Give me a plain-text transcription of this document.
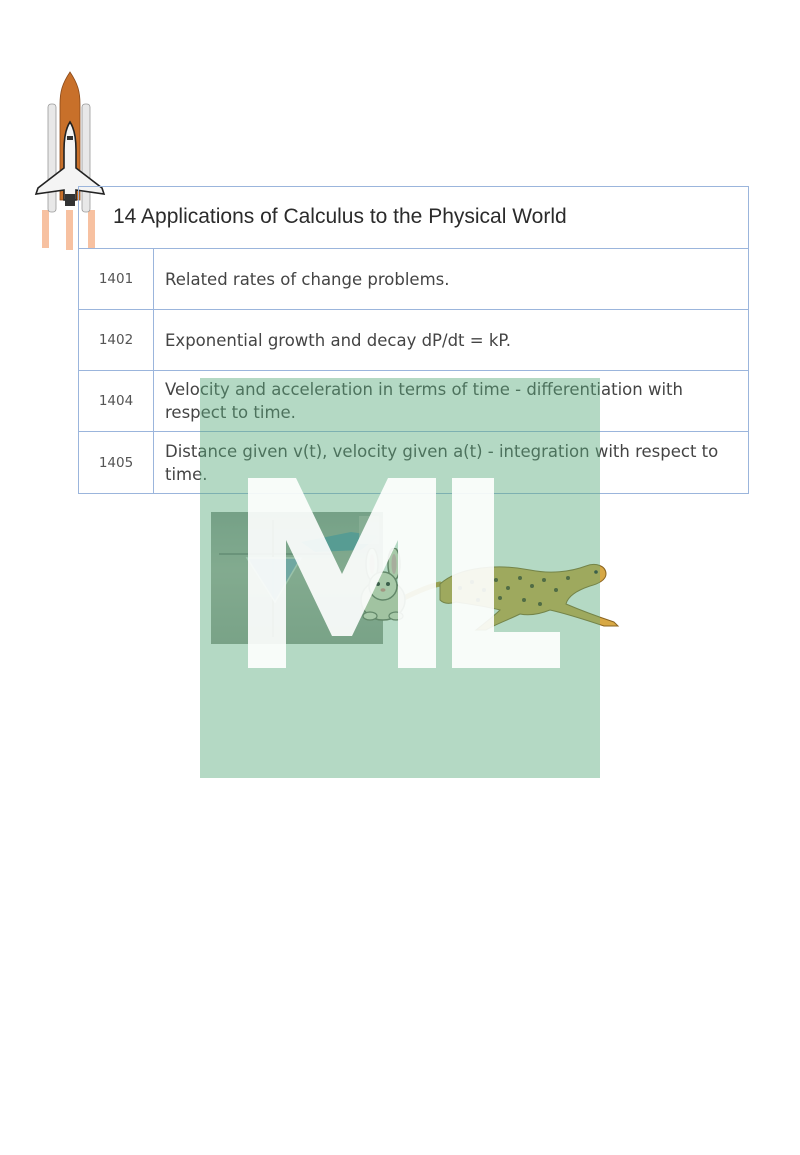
14 Applications of Calculus to the Physical World
1401	Related rates of change problems.
1402	Exponential growth and decay dP/dt = kP.
1404
Velocity and acceleration in terms of time - differentiation with respect to time.
1405
Distance given v(t), velocity given a(t) - integration with respect to time.
